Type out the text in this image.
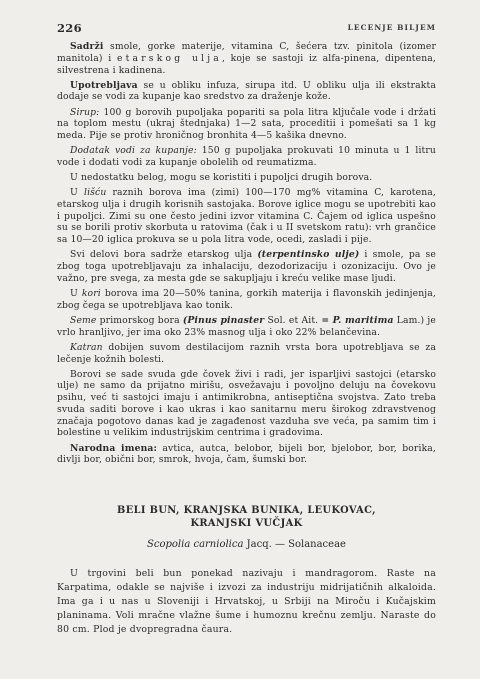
226	LECENJE BILJEM

Sadrži smole, gorke materije, vitamina C, šećera tzv. pinitola (izomer manitola) i etarskog ulja, koje se sastoji iz alfa-pinena, dipentena, silvestrena i kadinena.

Upotrebljava se u obliku infuza, sirupa itd. U obliku ulja ili ekstrakta dodaje se vodi za kupanje kao sredstvo za draženje kože.

Sirup: 100 g borovih pupoljaka popariti sa pola litra ključale vode i držati na toplom mestu (ukraj štednjaka) 1—2 sata, proceditii i pomešati sa 1 kg meda. Pije se protiv hroničnog bronhita 4—5 kašika dnevno.

Dodatak vodi za kupanje: 150 g pupoljaka prokuvati 10 minuta u 1 litru vode i dodati vodi za kupanje obolelih od reumatizma.

U nedostatku belog, mogu se koristiti i pupoljci drugih borova.

U lišću raznih borova ima (zimi) 100—170 mg% vitamina C, karotena, etarskog ulja i drugih korisnih sastojaka. Borove iglice mogu se upotrebiti kao i pupoljci. Zimi su one često jedini izvor vitamina C. Čajem od iglica uspešno su se borili protiv skorbuta u ratovima (čak i u II svetskom ratu): vrh grančice sa 10—20 iglica prokuva se u pola litra vode, ocedi, zasladi i pije.

Svi delovi bora sadrže etarskog ulja (terpentinsko ulje) i smole, pa se zbog toga upotrebljavaju za inhalaciju, dezodorizaciju i ozonizaciju. Ovo je važno, pre svega, za mesta gde se sakupljaju i kreću velike mase ljudi.

U kori borova ima 20—50% tanina, gorkih materija i flavonskih jedinjenja, zbog čega se upotrebljava kao tonik.

Seme primorskog bora (Pinus pinaster Sol. et Ait. = P. maritima Lam.) je vrlo hranljivo, jer ima oko 23% masnog ulja i oko 22% belančevina.

Katran dobijen suvom destilacijom raznih vrsta bora upotrebljava se za lečenje kožnih bolesti.

Borovi se sade svuda gde čovek živi i radi, jer isparljivi sastojci (etarsko ulje) ne samo da prijatno mirišu, osvežavaju i povoljno deluju na čovekovu psihu, već ti sastojci imaju i antimikrobna, antiseptična svojstva. Zato treba svuda saditi borove i kao ukras i kao sanitarnu meru širokog zdravstvenog značaja pogotovo danas kad je zagađenost vazduha sve veća, pa samim tim i bolestine u velikim industrijskim centrima i gradovima.

Narodna imena: avtica, autca, belobor, bijeli bor, bjelobor, bor, borika, divlji bor, obični bor, smrok, hvoja, čam, šumski bor.

BELI BUN, KRANJSKA BUNIKA, LEUKOVAC,
KRANJSKI VUČJAK
Scopolia carniolica Jacq. — Solanaceae

U trgovini beli bun ponekad nazivaju i mandragorom. Raste na Karpatima, odakle se najviše i izvozi za industriju midrijatičnih alkaloida. Ima ga i u nas u Sloveniji i Hrvatskoj, u Srbiji na Miroču i Kučajskim planinama. Voli mračne vlažne šume i humoznu krečnu zemlju. Naraste do 80 cm. Plod je dvopregradna čaura.
